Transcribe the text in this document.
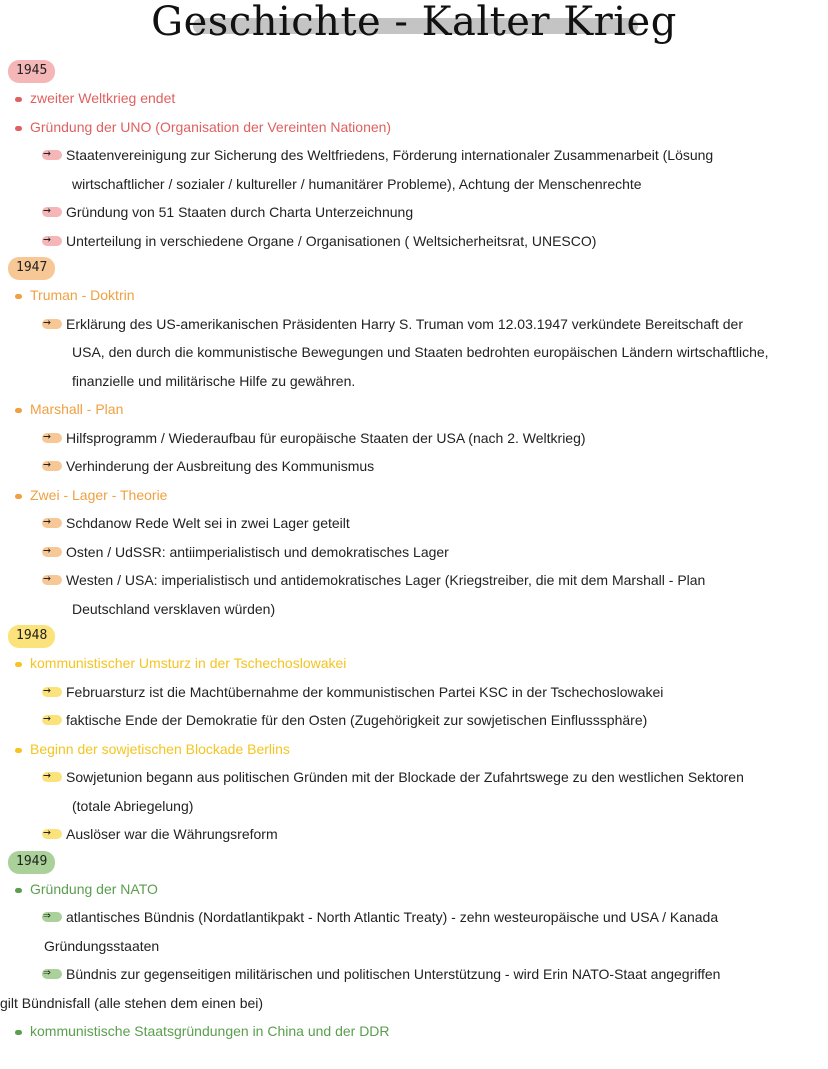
Geschichte - Kalter Krieg
1945
zweiter Weltkrieg endet
Gründung der UNO (Organisation der Vereinten Nationen)
→	Staatenvereinigung zur Sicherung des Weltfriedens, Förderung internationaler Zusammenarbeit (Lösung
wirtschaftlicher / sozialer / kultureller / humanitärer Probleme), Achtung der Menschenrechte
→	Gründung von 51 Staaten durch Charta Unterzeichnung
→	Unterteilung in verschiedene Organe / Organisationen ( Weltsicherheitsrat, UNESCO)
1947
Truman - Doktrin
→	Erklärung des US-amerikanischen Präsidenten Harry S. Truman vom 12.03.1947 verkündete Bereitschaft der
USA, den durch die kommunistische Bewegungen und Staaten bedrohten europäischen Ländern wirtschaftliche,
finanzielle und militärische Hilfe zu gewähren.
Marshall - Plan
→	Hilfsprogramm / Wiederaufbau für europäische Staaten der USA (nach 2. Weltkrieg)
→	Verhinderung der Ausbreitung des Kommunismus
Zwei - Lager - Theorie
→	Schdanow Rede Welt sei in zwei Lager geteilt
→	Osten / UdSSR: antiimperialistisch und demokratisches Lager
→	Westen / USA: imperialistisch und antidemokratisches Lager (Kriegstreiber, die mit dem Marshall - Plan
Deutschland versklaven würden)
1948
kommunistischer Umsturz in der Tschechoslowakei
→	Februarsturz ist die Machtübernahme der kommunistischen Partei KSC in der Tschechoslowakei
→	faktische Ende der Demokratie für den Osten (Zugehörigkeit zur sowjetischen Einflusssphäre)
Beginn der sowjetischen Blockade Berlins
→	Sowjetunion begann aus politischen Gründen mit der Blockade der Zufahrtswege zu den westlichen Sektoren
(totale Abriegelung)
→	Auslöser war die Währungsreform
1949
Gründung der NATO
⇒	atlantisches Bündnis (Nordatlantikpakt - North Atlantic Treaty) - zehn westeuropäische und USA / Kanada
Gründungsstaaten
⇒	Bündnis zur gegenseitigen militärischen und politischen Unterstützung - wird Erin NATO-Staat angegriffen
gilt Bündnisfall (alle stehen dem einen bei)
kommunistische Staatsgründungen in China und der DDR
